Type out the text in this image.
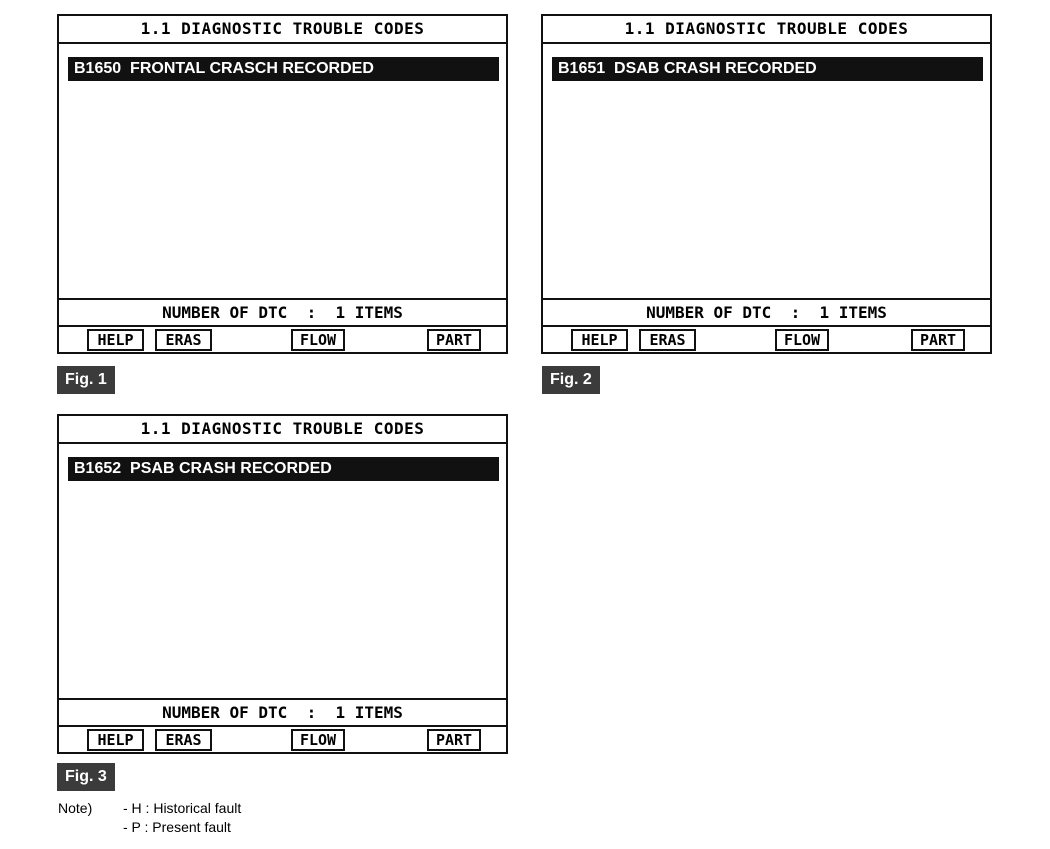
1.1 DIAGNOSTIC TROUBLE CODES
B1650  FRONTAL CRASCH RECORDED
NUMBER OF DTC  :  1 ITEMS
HELP	ERAS	FLOW	PART
Fig. 1
1.1 DIAGNOSTIC TROUBLE CODES
B1651  DSAB CRASH RECORDED
NUMBER OF DTC  :  1 ITEMS
HELP	ERAS	FLOW	PART
Fig. 2
1.1 DIAGNOSTIC TROUBLE CODES
B1652  PSAB CRASH RECORDED
NUMBER OF DTC  :  1 ITEMS
HELP	ERAS	FLOW	PART
Fig. 3
Note) - H : Historical fault
- P : Present fault
